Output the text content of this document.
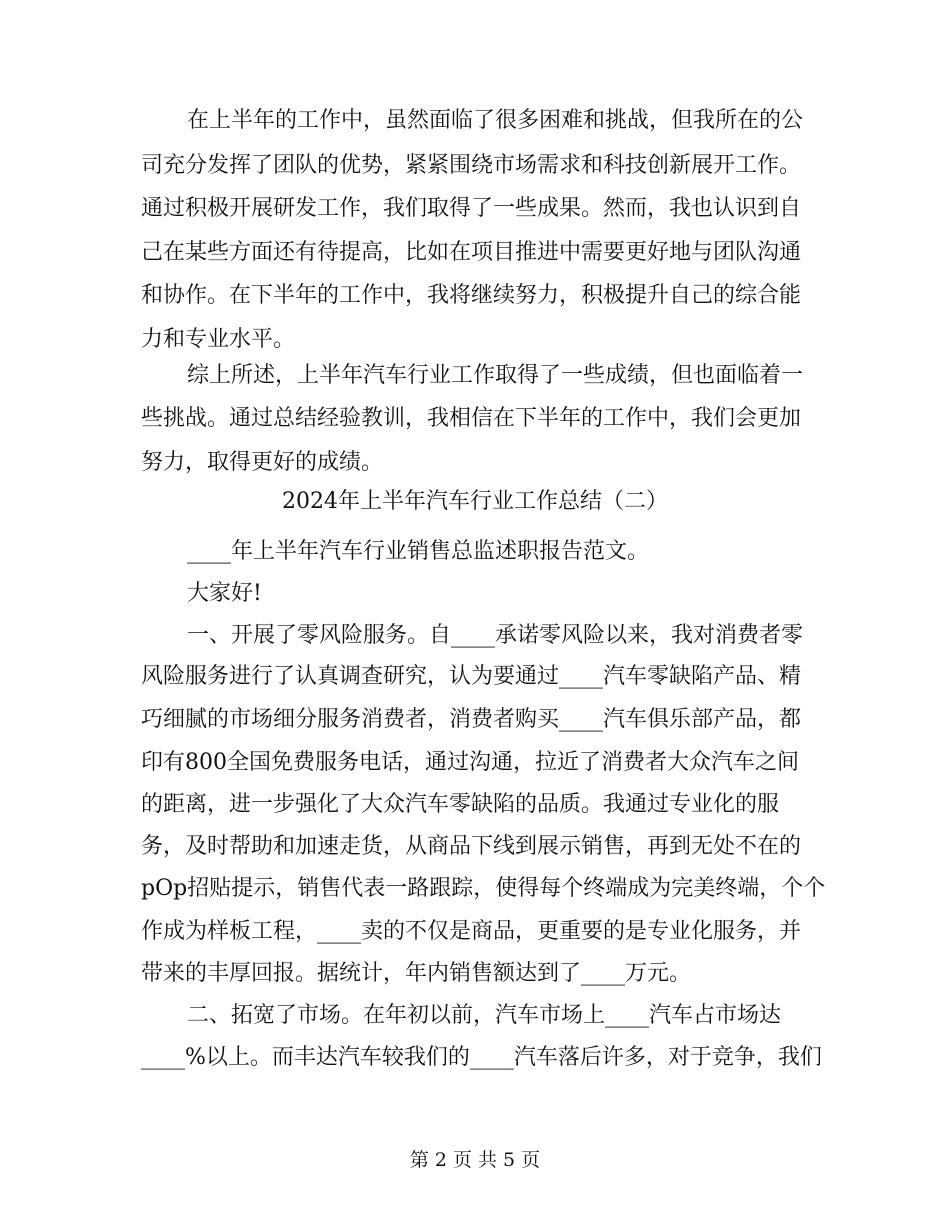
在上半年的工作中，虽然面临了很多困难和挑战，但我所在的公
司充分发挥了团队的优势，紧紧围绕市场需求和科技创新展开工作。
通过积极开展研发工作，我们取得了一些成果。然而，我也认识到自
己在某些方面还有待提高，比如在项目推进中需要更好地与团队沟通
和协作。在下半年的工作中，我将继续努力，积极提升自己的综合能
力和专业水平。
综上所述，上半年汽车行业工作取得了一些成绩，但也面临着一
些挑战。通过总结经验教训，我相信在下半年的工作中，我们会更加
努力，取得更好的成绩。
2024年上半年汽车行业工作总结（二）
____年上半年汽车行业销售总监述职报告范文。
大家好!
一、开展了零风险服务。自____承诺零风险以来，我对消费者零
风险服务进行了认真调查研究，认为要通过____汽车零缺陷产品、精
巧细腻的市场细分服务消费者，消费者购买____汽车俱乐部产品，都
印有800全国免费服务电话，通过沟通，拉近了消费者大众汽车之间
的距离，进一步强化了大众汽车零缺陷的品质。我通过专业化的服
务，及时帮助和加速走货，从商品下线到展示销售，再到无处不在的
pOp招贴提示，销售代表一路跟踪，使得每个终端成为完美终端，个个
作成为样板工程，____卖的不仅是商品，更重要的是专业化服务，并
带来的丰厚回报。据统计，年内销售额达到了____万元。
二、拓宽了市场。在年初以前，汽车市场上____汽车占市场达
____%以上。而丰达汽车较我们的____汽车落后许多，对于竞争，我们
第 2 页 共 5 页
